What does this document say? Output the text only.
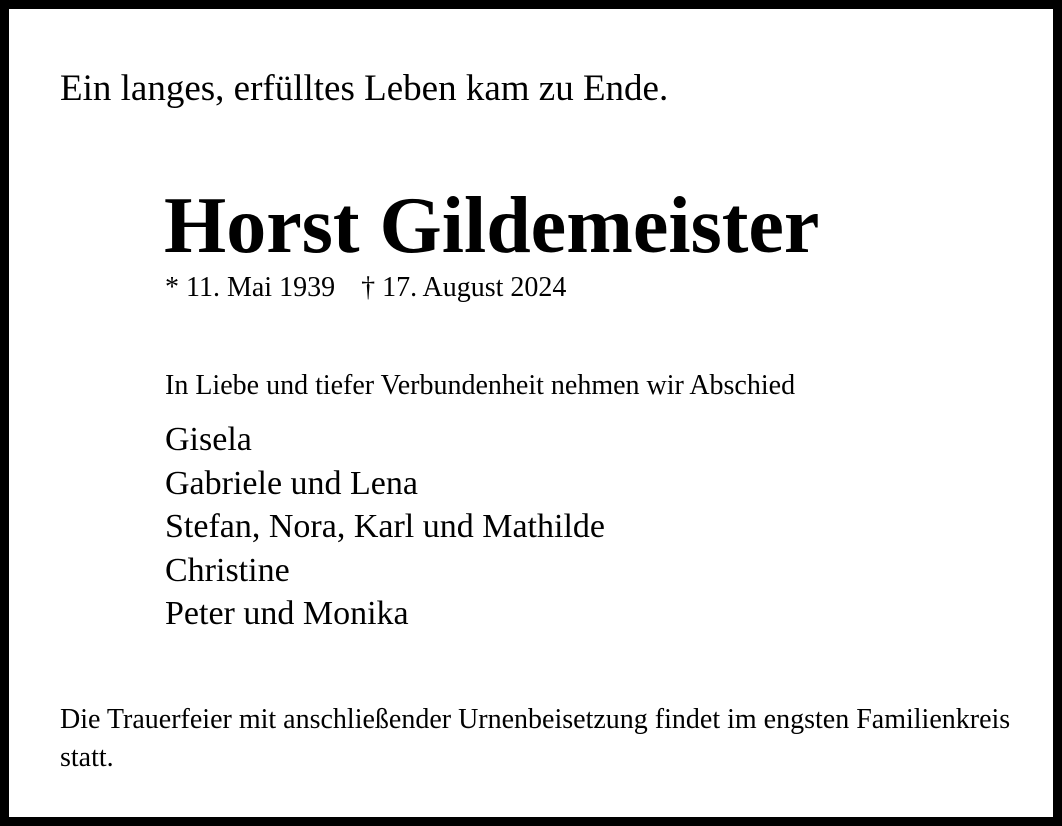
Ein langes, erfülltes Leben kam zu Ende.
Horst Gildemeister
* 11. Mai 1939 † 17. August 2024
In Liebe und tiefer Verbundenheit nehmen wir Abschied
Gisela
Gabriele und Lena
Stefan, Nora, Karl und Mathilde
Christine
Peter und Monika
Die Trauerfeier mit anschließender Urnenbeisetzung findet im engsten Familienkreis statt.
